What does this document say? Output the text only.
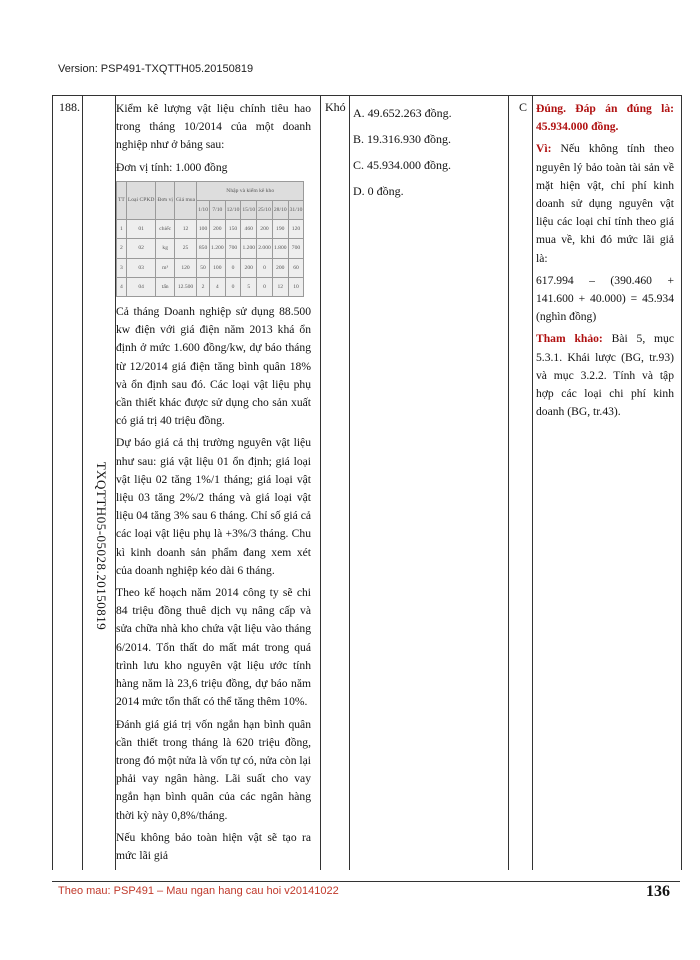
Version: PSP491-TXQTTH05.20150819
188.
TXQTTH05-05028.20150819

Kiểm kê lượng vật liệu chính tiêu hao trong tháng 10/2014 của một doanh nghiệp như ở bảng sau:

Đơn vị tính: 1.000 đồng

TT	Loại CPKD	Đơn vị	Giá mua	Nhập và kiểm kê kho						
				1/10	7/10	12/10	15/10	25/10	28/10	31/10
1	01	chiếc	12	100	200	150	460	200	190	120
2	02	kg	25	850	1.200	700	1.200	2.000	1.800	700
3	03	m³	120	50	100	0	200	0	200	60
4	04	tấn	12.500	2	4	0	5	0	12	10

Cả tháng Doanh nghiệp sử dụng 88.500 kw điện với giá điện năm 2013 khá ổn định ở mức 1.600 đồng/kw, dự báo tháng từ 12/2014 giá điện tăng bình quân 18% và ổn định sau đó. Các loại vật liệu phụ cần thiết khác được sử dụng cho sản xuất có giá trị 40 triệu đồng.

Dự báo giá cả thị trường nguyên vật liệu như sau: giá vật liệu 01 ổn định; giá loại vật liệu 02 tăng 1%/1 tháng; giá loại vật liệu 03 tăng 2%/2 tháng và giá loại vật liệu 04 tăng 3% sau 6 tháng. Chỉ số giá cả các loại vật liệu phụ là +3%/3 tháng. Chu kì kinh doanh sản phẩm đang xem xét của doanh nghiệp kéo dài 6 tháng.

Theo kế hoạch năm 2014 công ty sẽ chi 84 triệu đồng thuê dịch vụ nâng cấp và sửa chữa nhà kho chứa vật liệu vào tháng 6/2014. Tổn thất do mất mát trong quá trình lưu kho nguyên vật liệu ước tính hàng năm là 23,6 triệu đồng, dự báo năm 2014 mức tổn thất có thể tăng thêm 10%.

Đánh giá giá trị vốn ngắn hạn bình quân cần thiết trong tháng là 620 triệu đồng, trong đó một nửa là vốn tự có, nửa còn lại phải vay ngân hàng. Lãi suất cho vay ngắn hạn bình quân của các ngân hàng thời kỳ này 0,8%/tháng.

Nếu không bảo toàn hiện vật sẽ tạo ra mức lãi giả

Khó A. 49.652.263 đồng.
B. 19.316.930 đồng.
C. 45.934.000 đồng.
D. 0 đồng.
C Đúng. Đáp án đúng là: 45.934.000 đồng.

Vì: Nếu không tính theo nguyên lý bảo toàn tài sản về mặt hiện vật, chỉ phí kinh doanh sử dụng nguyên vật liệu các loại chỉ tính theo giá mua về, khi đó mức lãi giả là:

617.994 – (390.460 + 141.600 + 40.000) = 45.934 (nghìn đồng)

Tham khảo: Bài 5, mục 5.3.1. Khái lược (BG, tr.93) và mục 3.2.2. Tính và tập hợp các loại chi phí kinh doanh (BG, tr.43).

Theo mau: PSP491 – Mau ngan hang cau hoi v20141022	136
